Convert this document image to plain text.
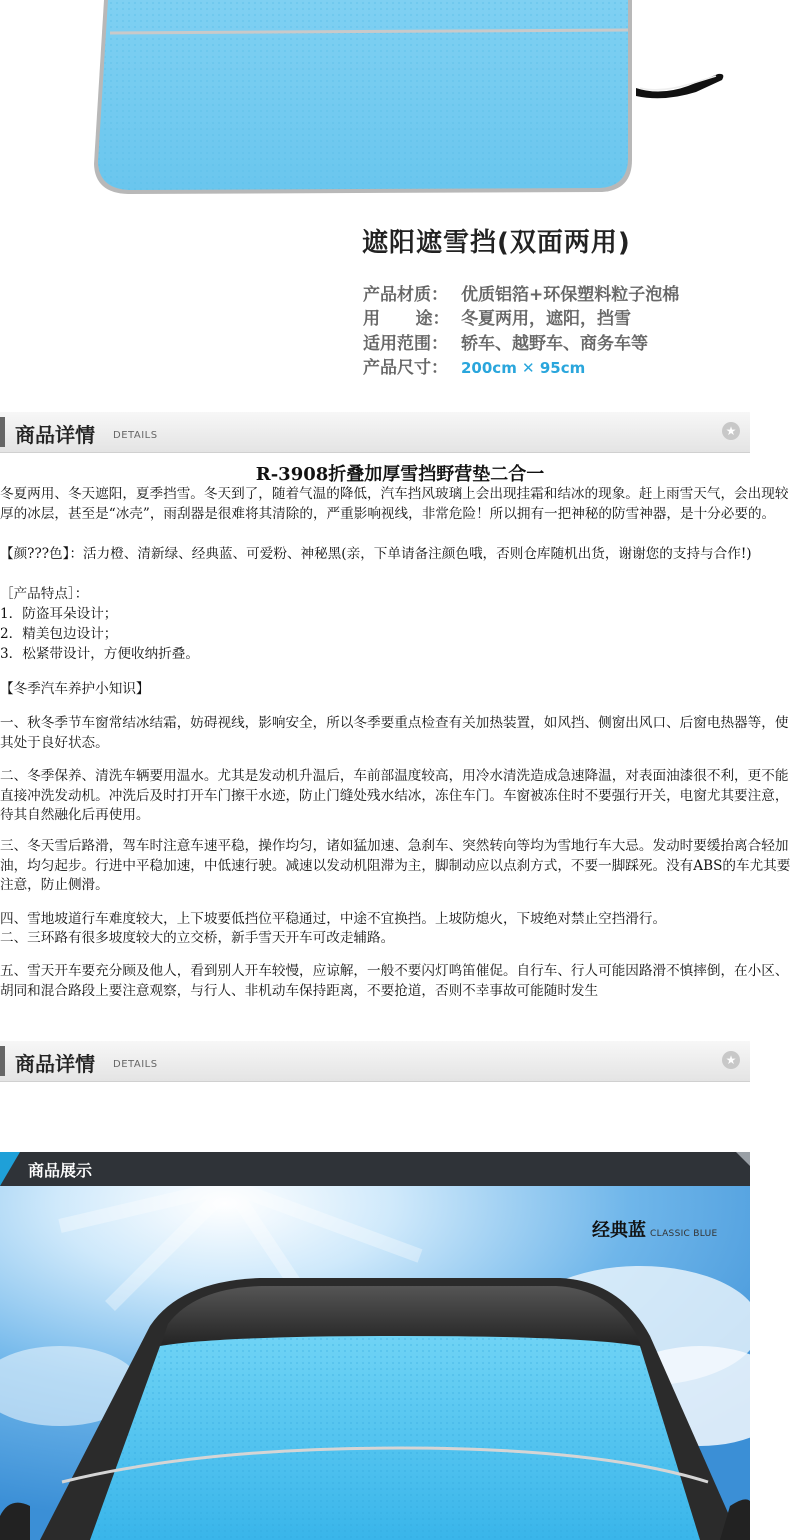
遮阳遮雪挡(双面两用)
产品材质： 优质铝箔+环保塑料粒子泡棉
用      途： 冬夏两用，遮阳，挡雪
适用范围： 轿车、越野车、商务车等
产品尺寸： 200cm ✕ 95cm
商品详情 DETAILS	★
R-3908折叠加厚雪挡野营垫二合一

冬夏两用、冬天遮阳，夏季挡雪。冬天到了，随着气温的降低，汽车挡风玻璃上会出现挂霜和结冰的现象。赶上雨雪天气，会出现较厚的冰层，甚至是“冰壳”，雨刮器是很难将其清除的，严重影响视线，非常危险！所以拥有一把神秘的防雪神器，是十分必要的。

【颜???色】：活力橙、清新绿、经典蓝、可爱粉、神秘黑(亲，下单请备注颜色哦，否则仓库随机出货，谢谢您的支持与合作!)

［产品特点］：

1．防盗耳朵设计；

2．精美包边设计；

3．松紧带设计，方便收纳折叠。

【冬季汽车养护小知识】

一、秋冬季节车窗常结冰结霜，妨碍视线，影响安全，所以冬季要重点检查有关加热装置，如风挡、侧窗出风口、后窗电热器等，使其处于良好状态。

二、冬季保养、清洗车辆要用温水。尤其是发动机升温后，车前部温度较高，用冷水清洗造成急速降温，对表面油漆很不利，更不能直接冲洗发动机。冲洗后及时打开车门擦干水迹，防止门缝处残水结冰，冻住车门。车窗被冻住时不要强行开关，电窗尤其要注意，待其自然融化后再使用。

三、冬天雪后路滑，驾车时注意车速平稳，操作均匀，诸如猛加速、急刹车、突然转向等均为雪地行车大忌。发动时要缓抬离合轻加油，均匀起步。行进中平稳加速，中低速行驶。减速以发动机阻滞为主，脚制动应以点刹方式，不要一脚踩死。没有ABS的车尤其要注意，防止侧滑。

四、雪地坡道行车难度较大，上下坡要低挡位平稳通过，中途不宜换挡。上坡防熄火，下坡绝对禁止空挡滑行。

二、三环路有很多坡度较大的立交桥，新手雪天开车可改走辅路。

五、雪天开车要充分顾及他人，看到别人开车较慢，应谅解，一般不要闪灯鸣笛催促。自行车、行人可能因路滑不慎摔倒，在小区、胡同和混合路段上要注意观察，与行人、非机动车保持距离，不要抢道，否则不幸事故可能随时发生

商品详情 DETAILS	★
商品展示
经典蓝 CLASSIC BLUE
